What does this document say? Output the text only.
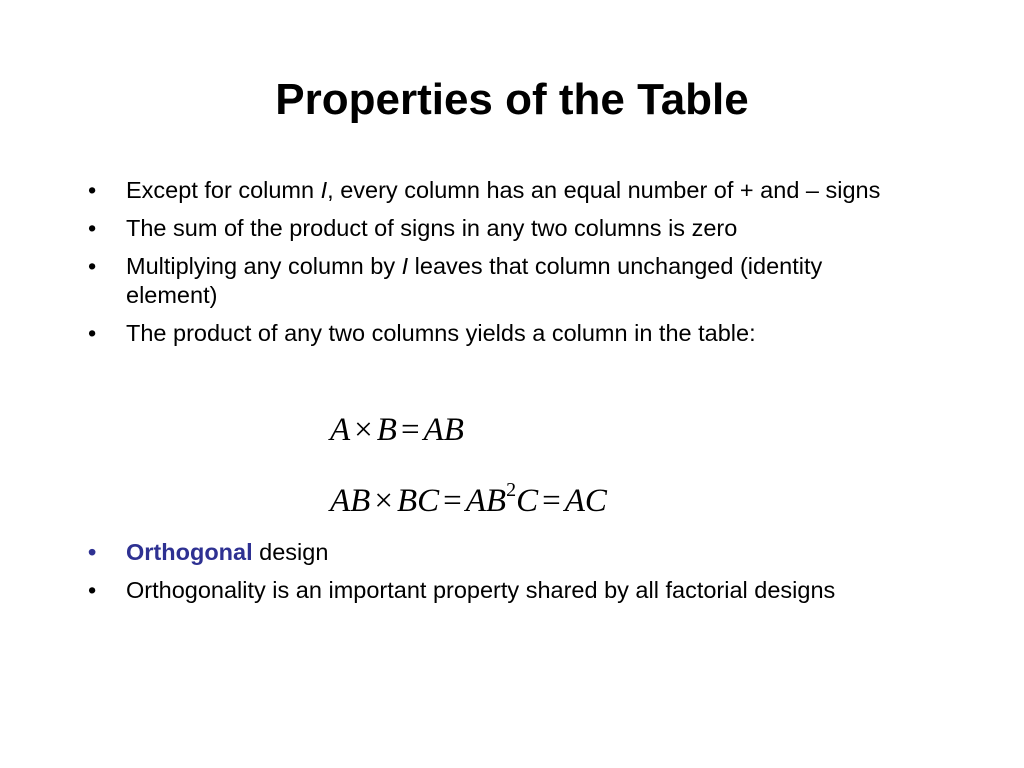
Properties of the Table
• Except for column I, every column has an equal number of + and – signs
• The sum of the product of signs in any two columns is zero
• Multiplying any column by I leaves that column unchanged (identity element)
• The product of any two columns yields a column in the table:
A × B = AB
AB × BC = $AB^2C$ = AC
• Orthogonal design
• Orthogonality is an important property shared by all factorial designs
